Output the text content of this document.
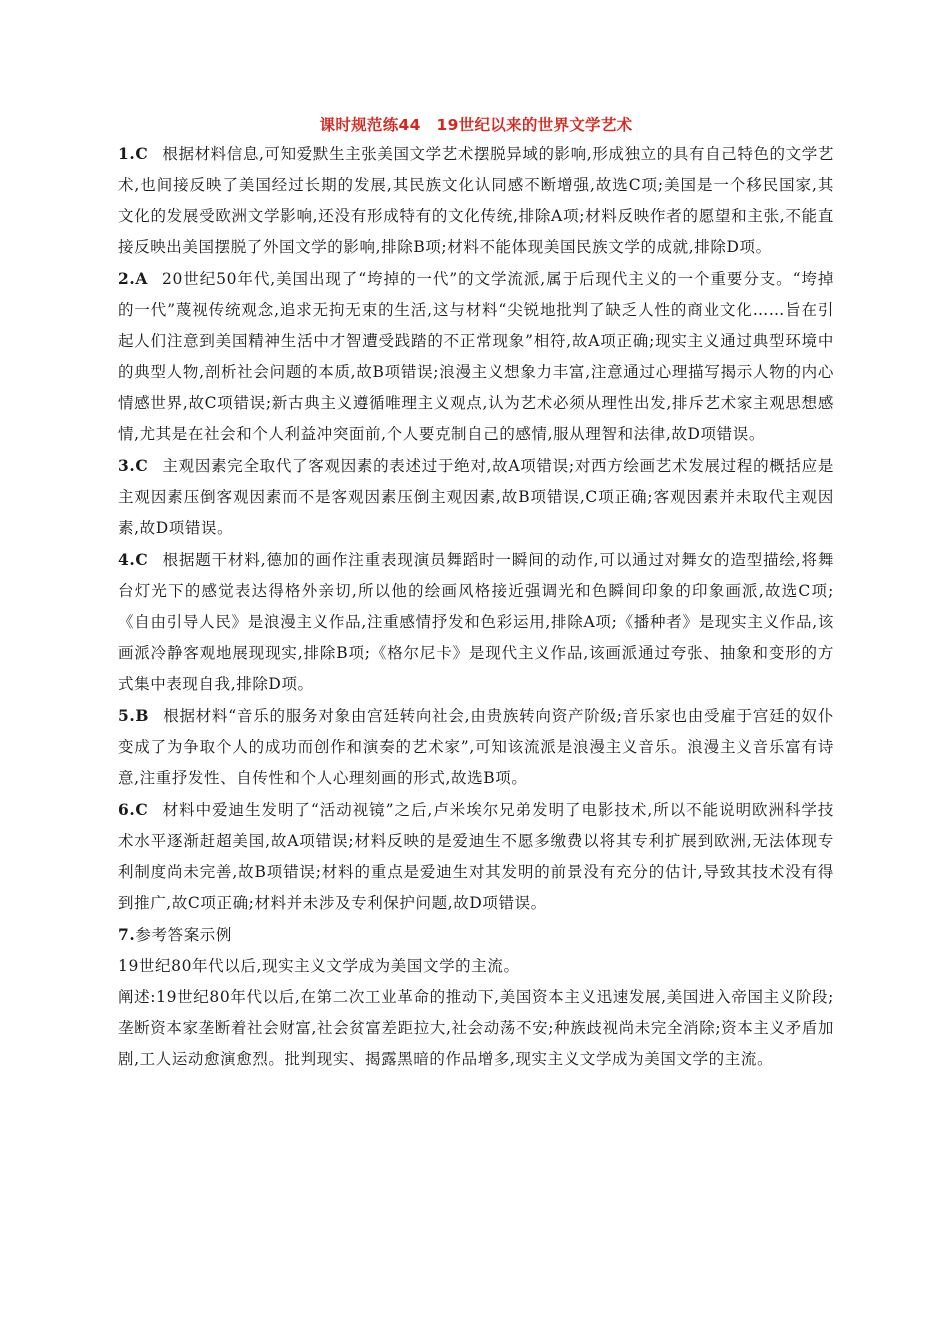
课时规范练44　19世纪以来的世界文学艺术

1.C 根据材料信息,可知爱默生主张美国文学艺术摆脱异域的影响,形成独立的具有自己特色的文学艺术,也间接反映了美国经过长期的发展,其民族文化认同感不断增强,故选C项;美国是一个移民国家,其文化的发展受欧洲文学影响,还没有形成特有的文化传统,排除A项;材料反映作者的愿望和主张,不能直接反映出美国摆脱了外国文学的影响,排除B项;材料不能体现美国民族文学的成就,排除D项。

2.A 20世纪50年代,美国出现了“垮掉的一代”的文学流派,属于后现代主义的一个重要分支。“垮掉的一代”蔑视传统观念,追求无拘无束的生活,这与材料“尖锐地批判了缺乏人性的商业文化……旨在引起人们注意到美国精神生活中才智遭受践踏的不正常现象”相符,故A项正确;现实主义通过典型环境中的典型人物,剖析社会问题的本质,故B项错误;浪漫主义想象力丰富,注意通过心理描写揭示人物的内心情感世界,故C项错误;新古典主义遵循唯理主义观点,认为艺术必须从理性出发,排斥艺术家主观思想感情,尤其是在社会和个人利益冲突面前,个人要克制自己的感情,服从理智和法律,故D项错误。

3.C 主观因素完全取代了客观因素的表述过于绝对,故A项错误;对西方绘画艺术发展过程的概括应是主观因素压倒客观因素而不是客观因素压倒主观因素,故B项错误,C项正确;客观因素并未取代主观因素,故D项错误。

4.C 根据题干材料,德加的画作注重表现演员舞蹈时一瞬间的动作,可以通过对舞女的造型描绘,将舞台灯光下的感觉表达得格外亲切,所以他的绘画风格接近强调光和色瞬间印象的印象画派,故选C项;《自由引导人民》是浪漫主义作品,注重感情抒发和色彩运用,排除A项;《播种者》是现实主义作品,该画派冷静客观地展现现实,排除B项;《格尔尼卡》是现代主义作品,该画派通过夸张、抽象和变形的方式集中表现自我,排除D项。

5.B 根据材料“音乐的服务对象由宫廷转向社会,由贵族转向资产阶级;音乐家也由受雇于宫廷的奴仆变成了为争取个人的成功而创作和演奏的艺术家”,可知该流派是浪漫主义音乐。浪漫主义音乐富有诗意,注重抒发性、自传性和个人心理刻画的形式,故选B项。

6.C 材料中爱迪生发明了“活动视镜”之后,卢米埃尔兄弟发明了电影技术,所以不能说明欧洲科学技术水平逐渐赶超美国,故A项错误;材料反映的是爱迪生不愿多缴费以将其专利扩展到欧洲,无法体现专利制度尚未完善,故B项错误;材料的重点是爱迪生对其发明的前景没有充分的估计,导致其技术没有得到推广,故C项正确;材料并未涉及专利保护问题,故D项错误。

7.参考答案示例

19世纪80年代以后,现实主义文学成为美国文学的主流。

阐述:19世纪80年代以后,在第二次工业革命的推动下,美国资本主义迅速发展,美国进入帝国主义阶段;垄断资本家垄断着社会财富,社会贫富差距拉大,社会动荡不安;种族歧视尚未完全消除;资本主义矛盾加剧,工人运动愈演愈烈。批判现实、揭露黑暗的作品增多,现实主义文学成为美国文学的主流。
